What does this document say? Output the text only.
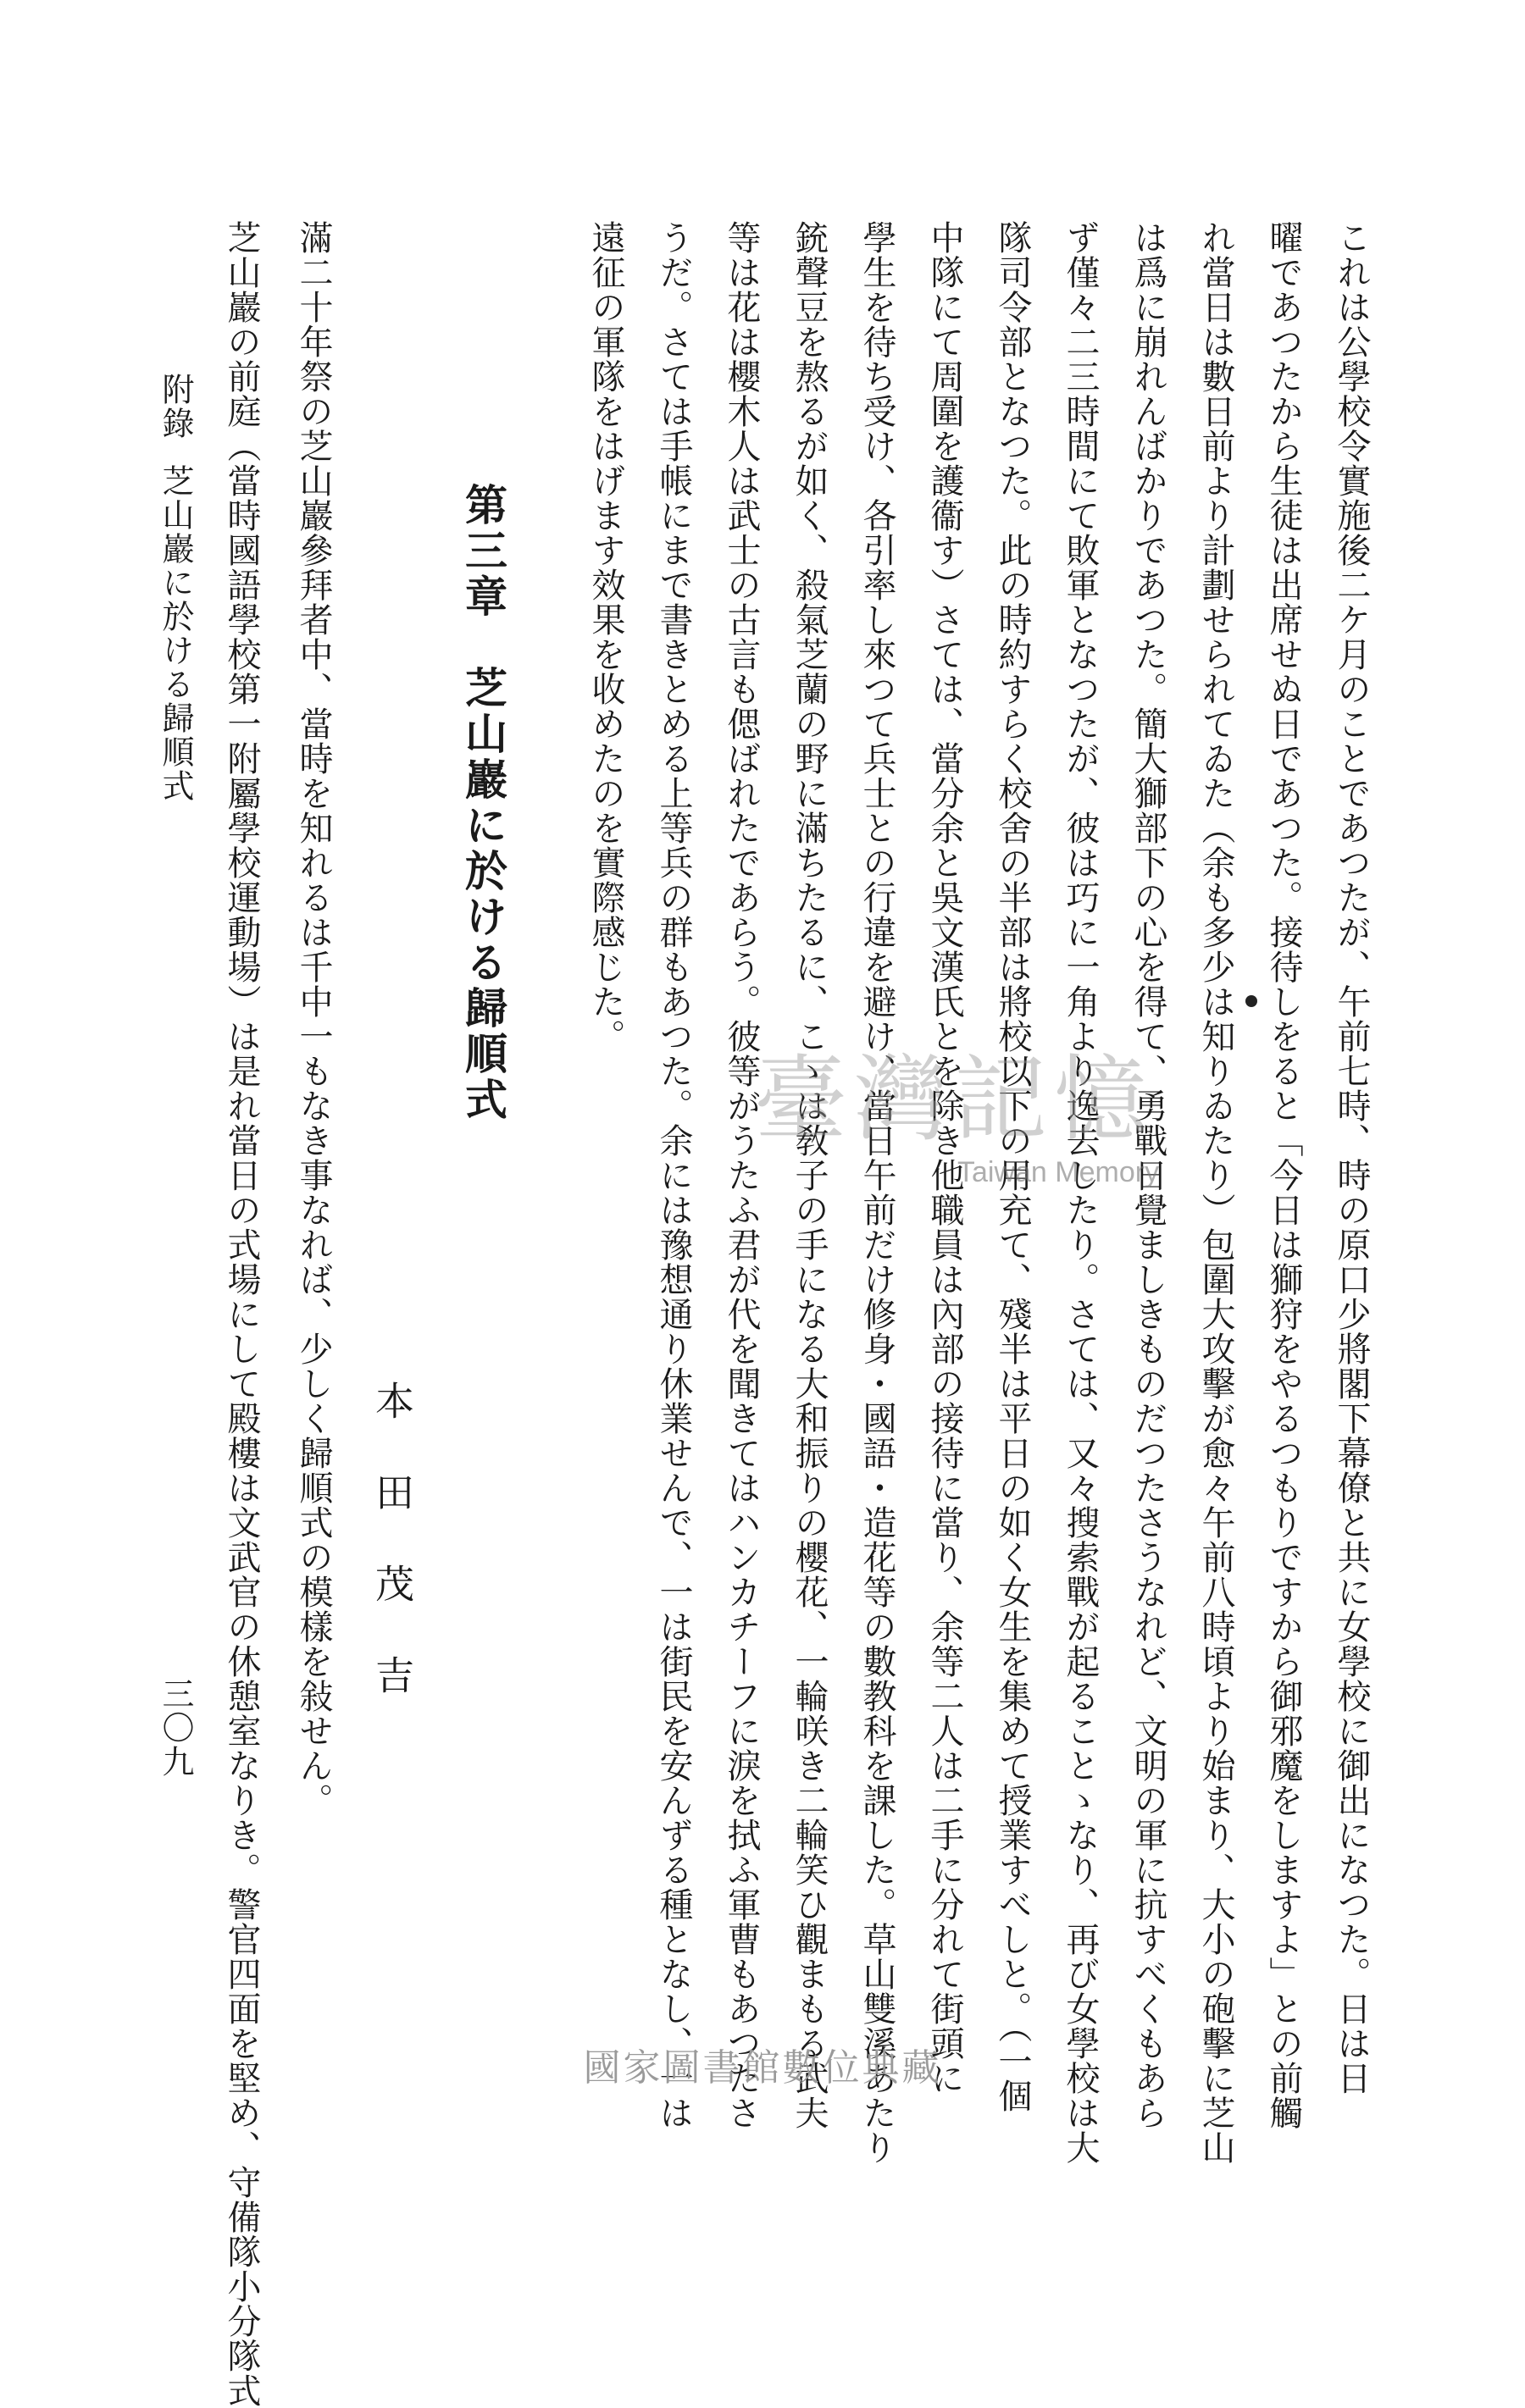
これは公學校令實施後二ケ月のことであつたが、午前七時、時の原口少將閣下幕僚と共に女學校に御出になつた。日は日
曜であつたから生徒は出席せぬ日であつた。接待しをると「今日は獅狩をやるつもりですから御邪魔をしますよ」との前觸
れ當日は數日前より計劃せられてゐた（余も多少は知りゐたり）包圍大攻擊が愈々午前八時頃より始まり、大小の砲擊に芝山
は爲に崩れんばかりであつた。簡大獅部下の心を得て、勇戰日覺ましきものだつたさうなれど、文明の軍に抗すべくもあら
ず僅々二三時間にて敗軍となつたが、彼は巧に一角より逸去したり。さては、又々搜索戰が起ることゝなり、再び女學校は大
隊司令部となつた。此の時約すらく校舍の半部は將校以下の用充て、殘半は平日の如く女生を集めて授業すべしと。（一個
中隊にて周圍を護衞す）さては、當分余と吳文漢氏とを除き他職員は內部の接待に當り、余等二人は二手に分れて街頭に
學生を待ち受け、各引率し來つて兵士との行違を避け、當日午前だけ修身・國語・造花等の數教科を課した。草山雙溪あたり
銃聲豆を熬るが如く、殺氣芝蘭の野に滿ちたるに、こゝは敎子の手になる大和振りの櫻花、一輪咲き二輪笑ひ觀まもる武夫
等は花は櫻木人は武士の古言も偲ばれたであらう。彼等がうたふ君が代を聞きてはハンカチーフに淚を拭ふ軍曹もあつたさ
うだ。さては手帳にまで書きとめる上等兵の群もあつた。余には豫想通り休業せんで、一は街民を安んずる種となし、一は
遠征の軍隊をはげます效果を收めたのを實際感じた。
第三章　芝山巖に於ける歸順式
本田茂吉
滿二十年祭の芝山巖參拜者中、當時を知れるは千中一もなき事なれば、少しく歸順式の模樣を敍せん。
芝山巖の前庭（當時國語學校第一附屬學校運動場）は是れ當日の式場にして殿樓は文武官の休憩室なりき。警官四面を堅め、守備隊小分隊式
附錄芝山巖に於ける歸順式
三〇九
臺灣記憶
Taiwan Memory
國家圖書館數位典藏
